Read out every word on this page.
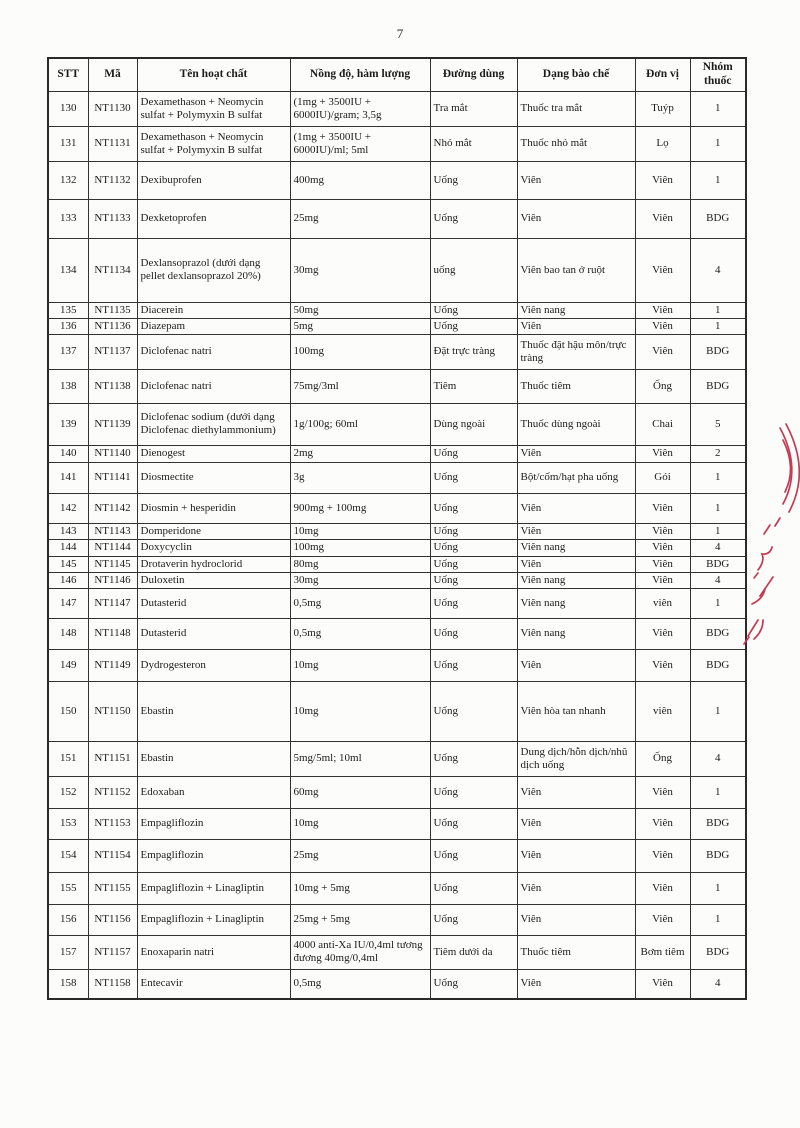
7
STT	Mã	Tên hoạt chất	Nồng độ, hàm lượng	Đường dùng	Dạng bào chế	Đơn vị	Nhóm thuốc
130	NT1130	Dexamethason + Neomycin sulfat + Polymyxin B sulfat	(1mg + 3500IU + 6000IU)/gram; 3,5g	Tra mắt	Thuốc tra mắt	Tuýp	1
131	NT1131	Dexamethason + Neomycin sulfat + Polymyxin B sulfat	(1mg + 3500IU + 6000IU)/ml; 5ml	Nhỏ mắt	Thuốc nhỏ mắt	Lọ	1
132	NT1132	Dexibuprofen	400mg	Uống	Viên	Viên	1
133	NT1133	Dexketoprofen	25mg	Uống	Viên	Viên	BDG
134	NT1134	Dexlansoprazol (dưới dạng pellet dexlansoprazol 20%)	30mg	uống	Viên bao tan ở ruột	Viên	4
135	NT1135	Diacerein	50mg	Uống	Viên nang	Viên	1
136	NT1136	Diazepam	5mg	Uống	Viên	Viên	1
137	NT1137	Diclofenac natri	100mg	Đặt trực tràng	Thuốc đặt hậu môn/trực tràng	Viên	BDG
138	NT1138	Diclofenac natri	75mg/3ml	Tiêm	Thuốc tiêm	Ống	BDG
139	NT1139	Diclofenac sodium (dưới dạng Diclofenac diethylammonium)	1g/100g; 60ml	Dùng ngoài	Thuốc dùng ngoài	Chai	5
140	NT1140	Dienogest	2mg	Uống	Viên	Viên	2
141	NT1141	Diosmectite	3g	Uống	Bột/cốm/hạt pha uống	Gói	1
142	NT1142	Diosmin + hesperidin	900mg + 100mg	Uống	Viên	Viên	1
143	NT1143	Domperidone	10mg	Uống	Viên	Viên	1
144	NT1144	Doxycyclin	100mg	Uống	Viên nang	Viên	4
145	NT1145	Drotaverin hydroclorid	80mg	Uống	Viên	Viên	BDG
146	NT1146	Duloxetin	30mg	Uống	Viên nang	Viên	4
147	NT1147	Dutasterid	0,5mg	Uống	Viên nang	viên	1
148	NT1148	Dutasterid	0,5mg	Uống	Viên nang	Viên	BDG
149	NT1149	Dydrogesteron	10mg	Uống	Viên	Viên	BDG
150	NT1150	Ebastin	10mg	Uống	Viên hòa tan nhanh	viên	1
151	NT1151	Ebastin	5mg/5ml; 10ml	Uống	Dung dịch/hỗn dịch/nhũ dịch uống	Ống	4
152	NT1152	Edoxaban	60mg	Uống	Viên	Viên	1
153	NT1153	Empagliflozin	10mg	Uống	Viên	Viên	BDG
154	NT1154	Empagliflozin	25mg	Uống	Viên	Viên	BDG
155	NT1155	Empagliflozin + Linagliptin	10mg + 5mg	Uống	Viên	Viên	1
156	NT1156	Empagliflozin + Linagliptin	25mg + 5mg	Uống	Viên	Viên	1
157	NT1157	Enoxaparin natri	4000 anti-Xa IU/0,4ml tương đương 40mg/0,4ml	Tiêm dưới da	Thuốc tiêm	Bơm tiêm	BDG
158	NT1158	Entecavir	0,5mg	Uống	Viên	Viên	4
